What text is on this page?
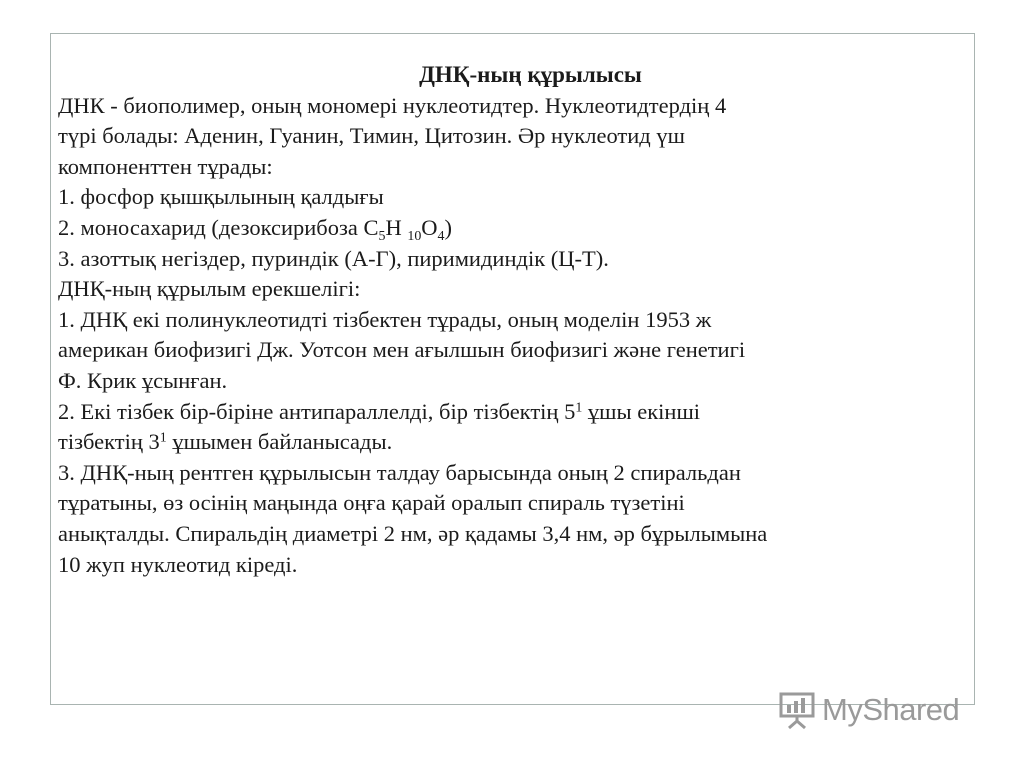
ДНҚ-ның құрылысы

ДНК - биополимер, оның мономері нуклеотидтер. Нуклеотидтердің 4

түрі болады: Аденин, Гуанин, Тимин, Цитозин. Әр нуклеотид үш

компоненттен тұрады:

1. фосфор қышқылының қалдығы

2. моносахарид (дезоксирибоза $C_5H$ $_{10}O_4$)

3. азоттық негіздер, пуриндік (А-Г), пиримидиндік (Ц-Т).

ДНҚ-ның құрылым ерекшелігі:

1. ДНҚ екі полинуклеотидті тізбектен тұрады, оның моделін 1953 ж

американ биофизигі Дж. Уотсон мен ағылшын биофизигі және генетигі

Ф. Крик ұсынған.

2. Екі тізбек бір-біріне антипараллелді, бір тізбектің $5^1$ ұшы екінші

тізбектің $3^1$ ұшымен байланысады.

3. ДНҚ-ның рентген құрылысын талдау барысында оның 2 спиральдан

тұратыны, өз осінің маңында оңға қарай оралып спираль түзетіні

анықталды. Спиральдің диаметрі 2 нм, әр қадамы 3,4 нм, әр бұрылымына

10 жуп нуклеотид кіреді.

MyShared
